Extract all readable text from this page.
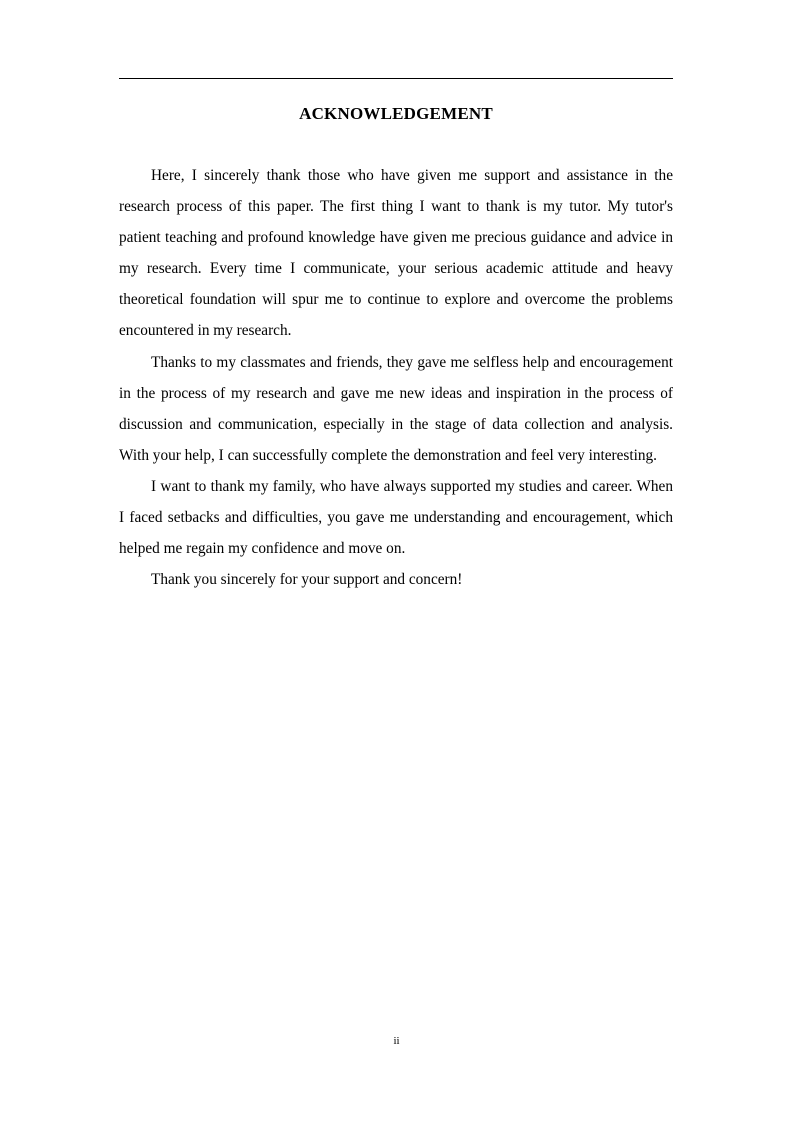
ACKNOWLEDGEMENT

Here, I sincerely thank those who have given me support and assistance in the research process of this paper. The first thing I want to thank is my tutor. My tutor's patient teaching and profound knowledge have given me precious guidance and advice in my research. Every time I communicate, your serious academic attitude and heavy theoretical foundation will spur me to continue to explore and overcome the problems encountered in my research.

Thanks to my classmates and friends, they gave me selfless help and encouragement in the process of my research and gave me new ideas and inspiration in the process of discussion and communication, especially in the stage of data collection and analysis. With your help, I can successfully complete the demonstration and feel very interesting.

I want to thank my family, who have always supported my studies and career. When I faced setbacks and difficulties, you gave me understanding and encouragement, which helped me regain my confidence and move on.

Thank you sincerely for your support and concern!

ii
